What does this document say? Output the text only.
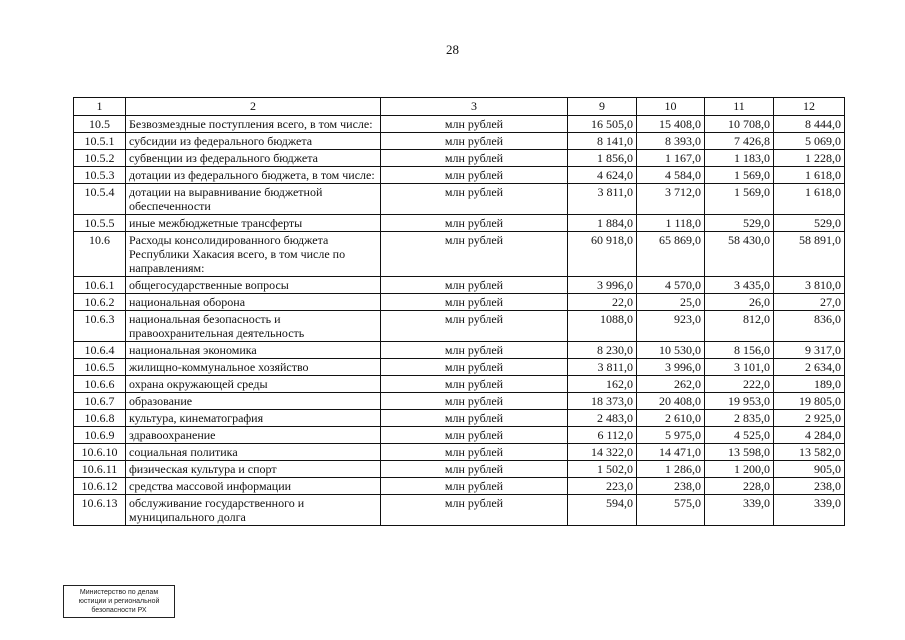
28
1	2	3	9	10	11	12
10.5	Безвозмездные поступления всего, в том числе:	млн рублей	16 505,0	15 408,0	10 708,0	8 444,0
10.5.1	субсидии из федерального бюджета	млн рублей	8 141,0	8 393,0	7 426,8	5 069,0
10.5.2	субвенции из федерального бюджета	млн рублей	1 856,0	1 167,0	1 183,0	1 228,0
10.5.3	дотации из федерального бюджета, в том числе:	млн рублей	4 624,0	4 584,0	1 569,0	1 618,0
10.5.4	дотации на выравнивание бюджетной обеспеченности	млн рублей	3 811,0	3 712,0	1 569,0	1 618,0
10.5.5	иные межбюджетные трансферты	млн рублей	1 884,0	1 118,0	529,0	529,0
10.6	Расходы консолидированного бюджета Республики Хакасия всего, в том числе по направлениям:	млн рублей	60 918,0	65 869,0	58 430,0	58 891,0
10.6.1	общегосударственные вопросы	млн рублей	3 996,0	4 570,0	3 435,0	3 810,0
10.6.2	национальная оборона	млн рублей	22,0	25,0	26,0	27,0
10.6.3	национальная безопасность и правоохранительная деятельность	млн рублей	1088,0	923,0	812,0	836,0
10.6.4	национальная экономика	млн рублей	8 230,0	10 530,0	8 156,0	9 317,0
10.6.5	жилищно-коммунальное хозяйство	млн рублей	3 811,0	3 996,0	3 101,0	2 634,0
10.6.6	охрана окружающей среды	млн рублей	162,0	262,0	222,0	189,0
10.6.7	образование	млн рублей	18 373,0	20 408,0	19 953,0	19 805,0
10.6.8	культура, кинематография	млн рублей	2 483,0	2 610,0	2 835,0	2 925,0
10.6.9	здравоохранение	млн рублей	6 112,0	5 975,0	4 525,0	4 284,0
10.6.10	социальная политика	млн рублей	14 322,0	14 471,0	13 598,0	13 582,0
10.6.11	физическая культура и спорт	млн рублей	1 502,0	1 286,0	1 200,0	905,0
10.6.12	средства массовой информации	млн рублей	223,0	238,0	228,0	238,0
10.6.13	обслуживание государственного и муниципального долга	млн рублей	594,0	575,0	339,0	339,0
Министерство по делам
юстиции и региональной
безопасности РХ
